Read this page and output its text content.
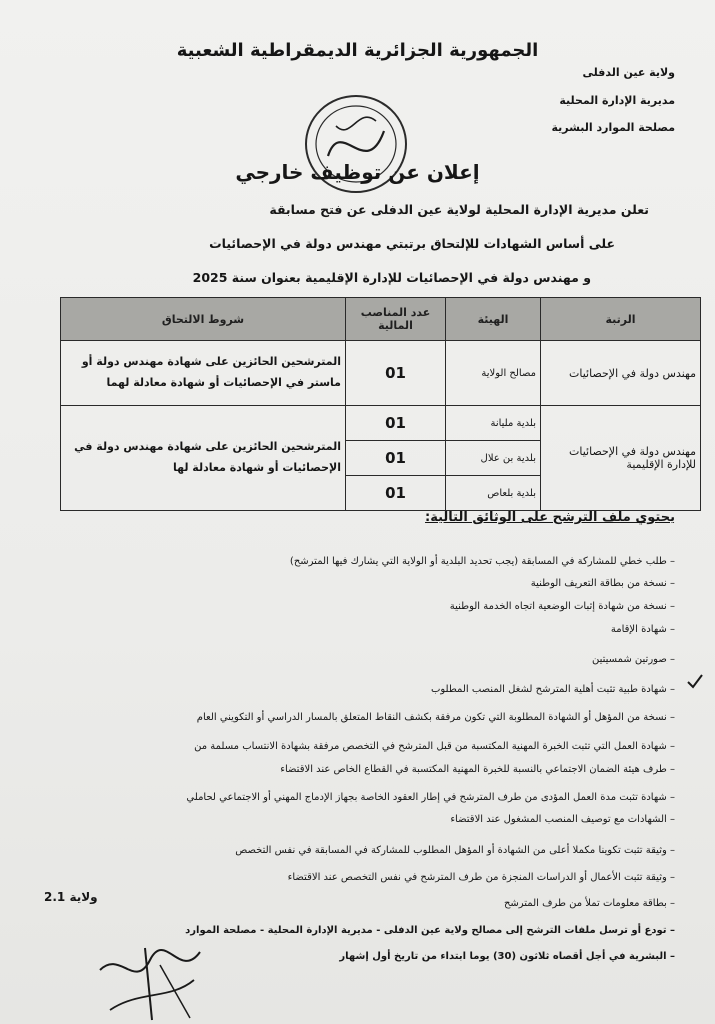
الجمهورية الجزائرية الديمقراطية الشعبية
ولاية عين الدفلى
مديرية الإدارة المحلية
مصلحة الموارد البشرية
إعلان عن توظيف خارجي
تعلن مديرية الإدارة المحلية لولاية عين الدفلى عن فتح مسابقة
على أساس الشهادات للإلتحاق برتبتي مهندس دولة في الإحصائيات
و مهندس دولة في الإحصائيات للإدارة الإقليمية بعنوان سنة 2025
الرتبة	الهيئة	عدد المناصب المالية	شروط الالتحاق
مهندس دولة في الإحصائيات	مصالح الولاية	01	المترشحين الحائزين على شهادة مهندس دولة أو ماستر في الإحصائيات أو شهادة معادلة لهما
مهندس دولة في الإحصائيات للإدارة الإقليمية	بلدية مليانة	01	المترشحين الحائزين على شهادة مهندس دولة في الإحصائيات أو شهادة معادلة لها
	بلدية بن علال	01	
	بلدية بلعاص	01	
يحتوي ملف الترشح على الوثائق التالية:
– طلب خطي للمشاركة في المسابقة (يجب تحديد البلدية أو الولاية التي يشارك فيها المترشح)
– نسخة من بطاقة التعريف الوطنية
– نسخة من شهادة إثبات الوضعية اتجاه الخدمة الوطنية
– شهادة الإقامة
– صورتين شمسيتين
– شهادة طبية تثبت أهلية المترشح لشغل المنصب المطلوب
– نسخة من المؤهل أو الشهادة المطلوبة التي تكون مرفقة بكشف النقاط المتعلق بالمسار الدراسي أو التكويني العام
– شهادة العمل التي تثبت الخبرة المهنية المكتسبة من قبل المترشح في التخصص مرفقة بشهادة الانتساب مسلمة من
– طرف هيئة الضمان الاجتماعي بالنسبة للخبرة المهنية المكتسبة في القطاع الخاص عند الاقتضاء
– شهادة تثبت مدة العمل المؤدى من طرف المترشح في إطار العقود الخاصة بجهاز الإدماج المهني أو الاجتماعي لحاملي
– الشهادات مع توصيف المنصب المشغول عند الاقتضاء
– وثيقة تثبت تكوينا مكملا أعلى من الشهادة أو المؤهل المطلوب للمشاركة في المسابقة في نفس التخصص
– وثيقة تثبت الأعمال أو الدراسات المنجزة من طرف المترشح في نفس التخصص عند الاقتضاء
– بطاقة معلومات تملأ من طرف المترشح
– تودع أو ترسل ملفات الترشح إلى مصالح ولاية عين الدفلى - مديرية الإدارة المحلية - مصلحة الموارد
– البشرية في أجل أقصاه ثلاثون (30) يوما ابتداء من تاريخ أول إشهار
ولاية 2.1
